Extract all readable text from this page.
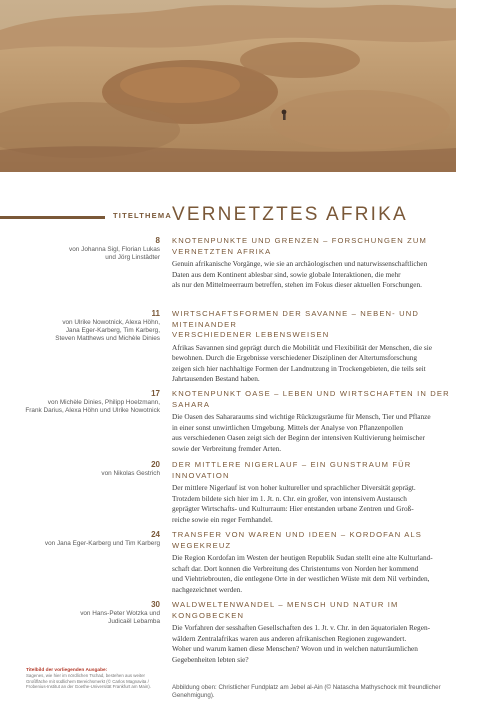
TITELTHEMA VERNETZTES AFRIKA
8
von Johanna Sigl, Florian Lukas
und Jörg Linstädter
KNOTENPUNKTE UND GRENZEN – FORSCHUNGEN ZUM
VERNETZTEN AFRIKA
Genuin afrikanische Vorgänge, wie sie an archäologischen und naturwissenschaftlichen
Daten aus dem Kontinent ablesbar sind, sowie globale Interaktionen, die mehr
als nur den Mittelmeerraum betreffen, stehen im Fokus dieser aktuellen Forschungen.
11
von Ulrike Nowotnick, Alexa Höhn,
Jana Eger-Karberg, Tim Karberg,
Steven Matthews und Michèle Dinies
WIRTSCHAFTSFORMEN DER SAVANNE – NEBEN- UND MITEINANDER
VERSCHIEDENER LEBENSWEISEN
Afrikas Savannen sind geprägt durch die Mobilität und Flexibilität der Menschen, die sie
bewohnen. Durch die Ergebnisse verschiedener Disziplinen der Altertumsforschung
zeigen sich hier nachhaltige Formen der Landnutzung in Trockengebieten, die teils seit
Jahrtausenden Bestand haben.
17
von Michèle Dinies, Philipp Hoelzmann,
Frank Darius, Alexa Höhn und Ulrike Nowotnick
KNOTENPUNKT OASE – LEBEN UND WIRTSCHAFTEN IN DER SAHARA
Die Oasen des Sahararaums sind wichtige Rückzugsräume für Mensch, Tier und Pflanze
in einer sonst unwirtlichen Umgebung. Mittels der Analyse von Pflanzenpollen
aus verschiedenen Oasen zeigt sich der Beginn der intensiven Kultivierung heimischer
sowie der Verbreitung fremder Arten.
20
von Nikolas Gestrich
DER MITTLERE NIGERLAUF – EIN GUNSTRAUM FÜR INNOVATION
Der mittlere Nigerlauf ist von hoher kultureller und sprachlicher Diversität geprägt.
Trotzdem bildete sich hier im 1. Jt. n. Chr. ein großer, von intensivem Austausch
geprägter Wirtschafts- und Kulturraum: Hier entstanden urbane Zentren und Groß-
reiche sowie ein reger Fernhandel.
24
von Jana Eger-Karberg und Tim Karberg
TRANSFER VON WAREN UND IDEEN – KORDOFAN ALS WEGEKREUZ
Die Region Kordofan im Westen der heutigen Republik Sudan stellt eine alte Kulturland-
schaft dar. Dort konnen die Verbreitung des Christentums von Norden her kommend
und Viehtriebrouten, die entlegene Orte in der westlichen Wüste mit dem Nil verbinden,
nachgezeichnet werden.
30
von Hans-Peter Wotzka und
Judicaël Lebamba
WALDWELTENWANDEL – MENSCH UND NATUR IM KONGOBECKEN
Die Vorfahren der sesshaften Gesellschaften des 1. Jt. v. Chr. in den äquatorialen Regen-
wäldern Zentralafrikas waren aus anderen afrikanischen Regionen zugewandert.
Woher und warum kamen diese Menschen? Wovon und in welchen naturräumlichen
Gegebenheiten lebten sie?
Titelbild der vorliegenden Ausgabe:
Sagenes, wie hier im nördlichen Tschad, bestehen aus weiter
Großfläche mit südlichem Bereichsmerkt (© Carlos Magnavita /
Frobenius-Institut an der Goethe-Universität Frankfurt am Main).	Abbildung oben: Christlicher Fundplatz am Jebel al-Ain (© Natascha Mathyschock mit freundlicher
Genehmigung).
